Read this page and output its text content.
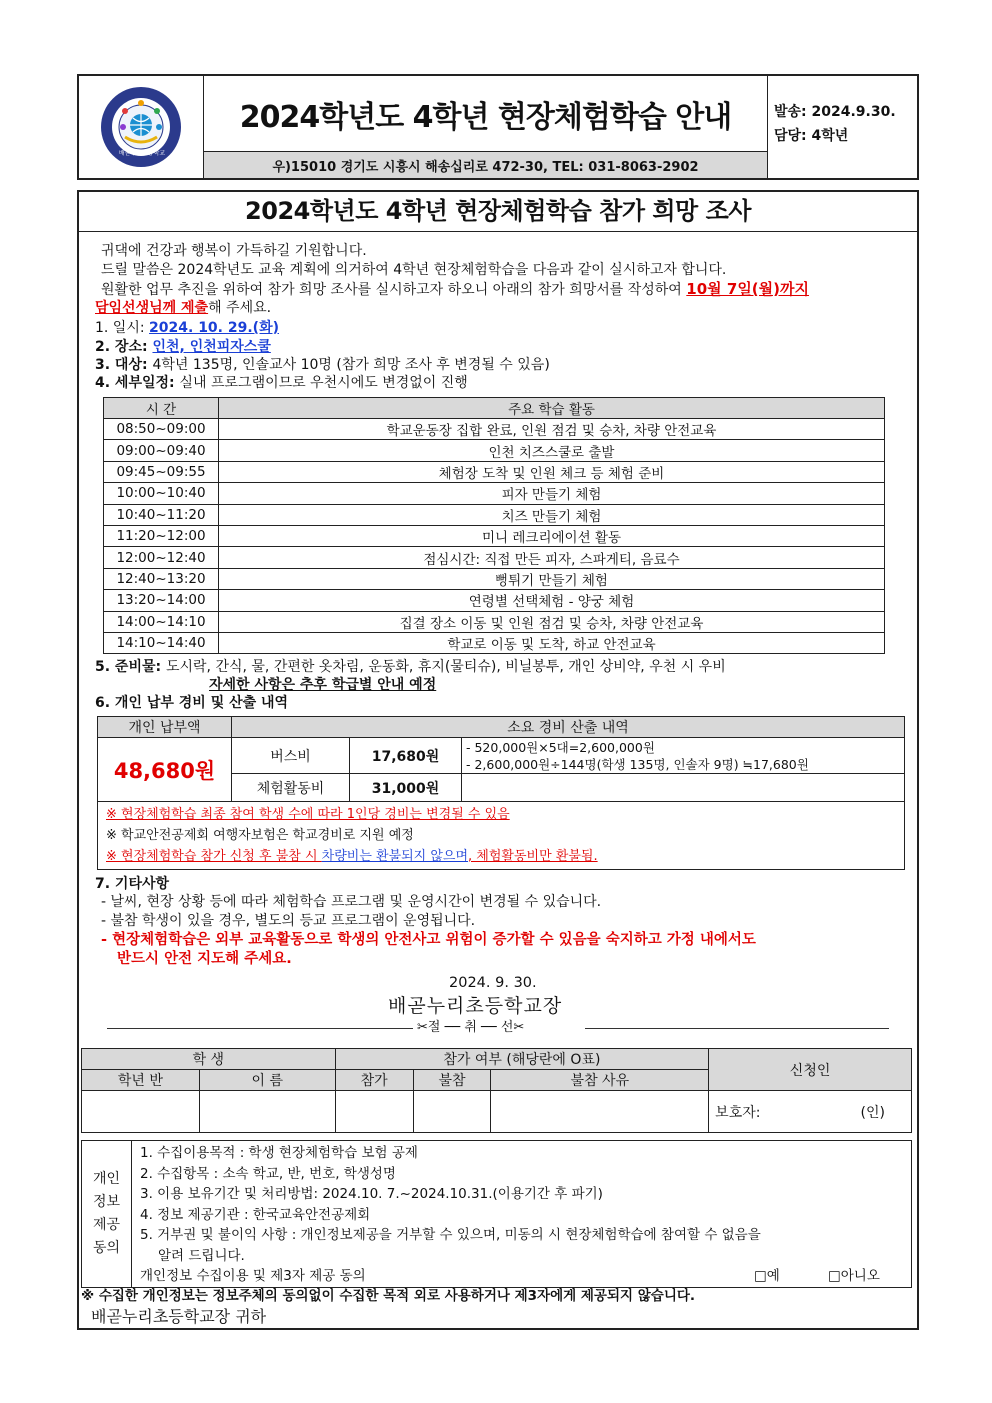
배곧누리초등학교
2024학년도 4학년 현장체험학습 안내
우)15010 경기도 시흥시 해송십리로 472-30, TEL: 031-8063-2902
발송: 2024.9.30.
담당: 4학년
2024학년도 4학년 현장체험학습 참가 희망 조사
귀댁에 건강과 행복이 가득하길 기원합니다.
드릴 말씀은 2024학년도 교육 계획에 의거하여 4학년 현장체험학습을 다음과 같이 실시하고자 합니다.
원활한 업무 추진을 위하여 참가 희망 조사를 실시하고자 하오니 아래의 참가 희망서를 작성하여 10월 7일(월)까지
담임선생님께 제출해 주세요.
1. 일시: 2024. 10. 29.(화)
2. 장소: 인천, 인천피자스쿨
3. 대상: 4학년 135명, 인솔교사 10명 (참가 희망 조사 후 변경될 수 있음)
4. 세부일정: 실내 프로그램이므로 우천시에도 변경없이 진행
시 간	주요 학습 활동
08:50~09:00	학교운동장 집합 완료, 인원 점검 및 승차, 차량 안전교육
09:00~09:40	인천 치즈스쿨로 출발
09:45~09:55	체험장 도착 및 인원 체크 등 체험 준비
10:00~10:40	피자 만들기 체험
10:40~11:20	치즈 만들기 체험
11:20~12:00	미니 레크리에이션 활동
12:00~12:40	점심시간: 직접 만든 피자, 스파게티, 음료수
12:40~13:20	뻥튀기 만들기 체험
13:20~14:00	연령별 선택체험 - 양궁 체험
14:00~14:10	집결 장소 이동 및 인원 점검 및 승차, 차량 안전교육
14:10~14:40	학교로 이동 및 도착, 하교 안전교육
5. 준비물: 도시락, 간식, 물, 간편한 옷차림, 운동화, 휴지(물티슈), 비닐봉투, 개인 상비약, 우천 시 우비
자세한 사항은 추후 학급별 안내 예정
6. 개인 납부 경비 및 산출 내역
개인 납부액	소요 경비 산출 내역		
48,680원	버스비	17,680원	- 520,000원×5대=2,600,000원
- 2,600,000원÷144명(학생 135명, 인솔자 9명) ≒17,680원

	체험활동비	31,000원	

※ 현장체험학습 최종 참여 학생 수에 따라 1인당 경비는 변경될 수 있음
※ 학교안전공제회 여행자보험은 학교경비로 지원 예정
※ 현장체험학습 참가 신청 후 불참 시 차량비는 환불되지 않으며, 체험활동비만 환불됨.			
7. 기타사항
- 날씨, 현장 상황 등에 따라 체험학습 프로그램 및 운영시간이 변경될 수 있습니다.
- 불참 학생이 있을 경우, 별도의 등교 프로그램이 운영됩니다.
- 현장체험학습은 외부 교육활동으로 학생의 안전사고 위험이 증가할 수 있음을 숙지하고 가정 내에서도
반드시 안전 지도해 주세요.
2024. 9. 30.
배곧누리초등학교장
✂절 ── 취 ── 선✂
학 생		참가 여부 (해당란에 O표)			신청인
학년 반	이 름	참가	불참	불참 사유	
					보호자: (인)
개인정보제공동의

1. 수집이용목적 : 학생 현장체험학습 보험 공제
2. 수집항목 : 소속 학교, 반, 번호, 학생성명
3. 이용 보유기간 및 처리방법: 2024.10. 7.~2024.10.31.(이용기간 후 파기)
4. 정보 제공기관 : 한국교육안전공제회
5. 거부권 및 불이익 사항 : 개인정보제공을 거부할 수 있으며, 미동의 시 현장체험학습에 참여할 수 없음을
알려 드립니다.
개인정보 수집이용 및 제3자 제공 동의	□예	□아니오
※ 수집한 개인정보는 정보주체의 동의없이 수집한 목적 외로 사용하거나 제3자에게 제공되지 않습니다.
배곧누리초등학교장 귀하
